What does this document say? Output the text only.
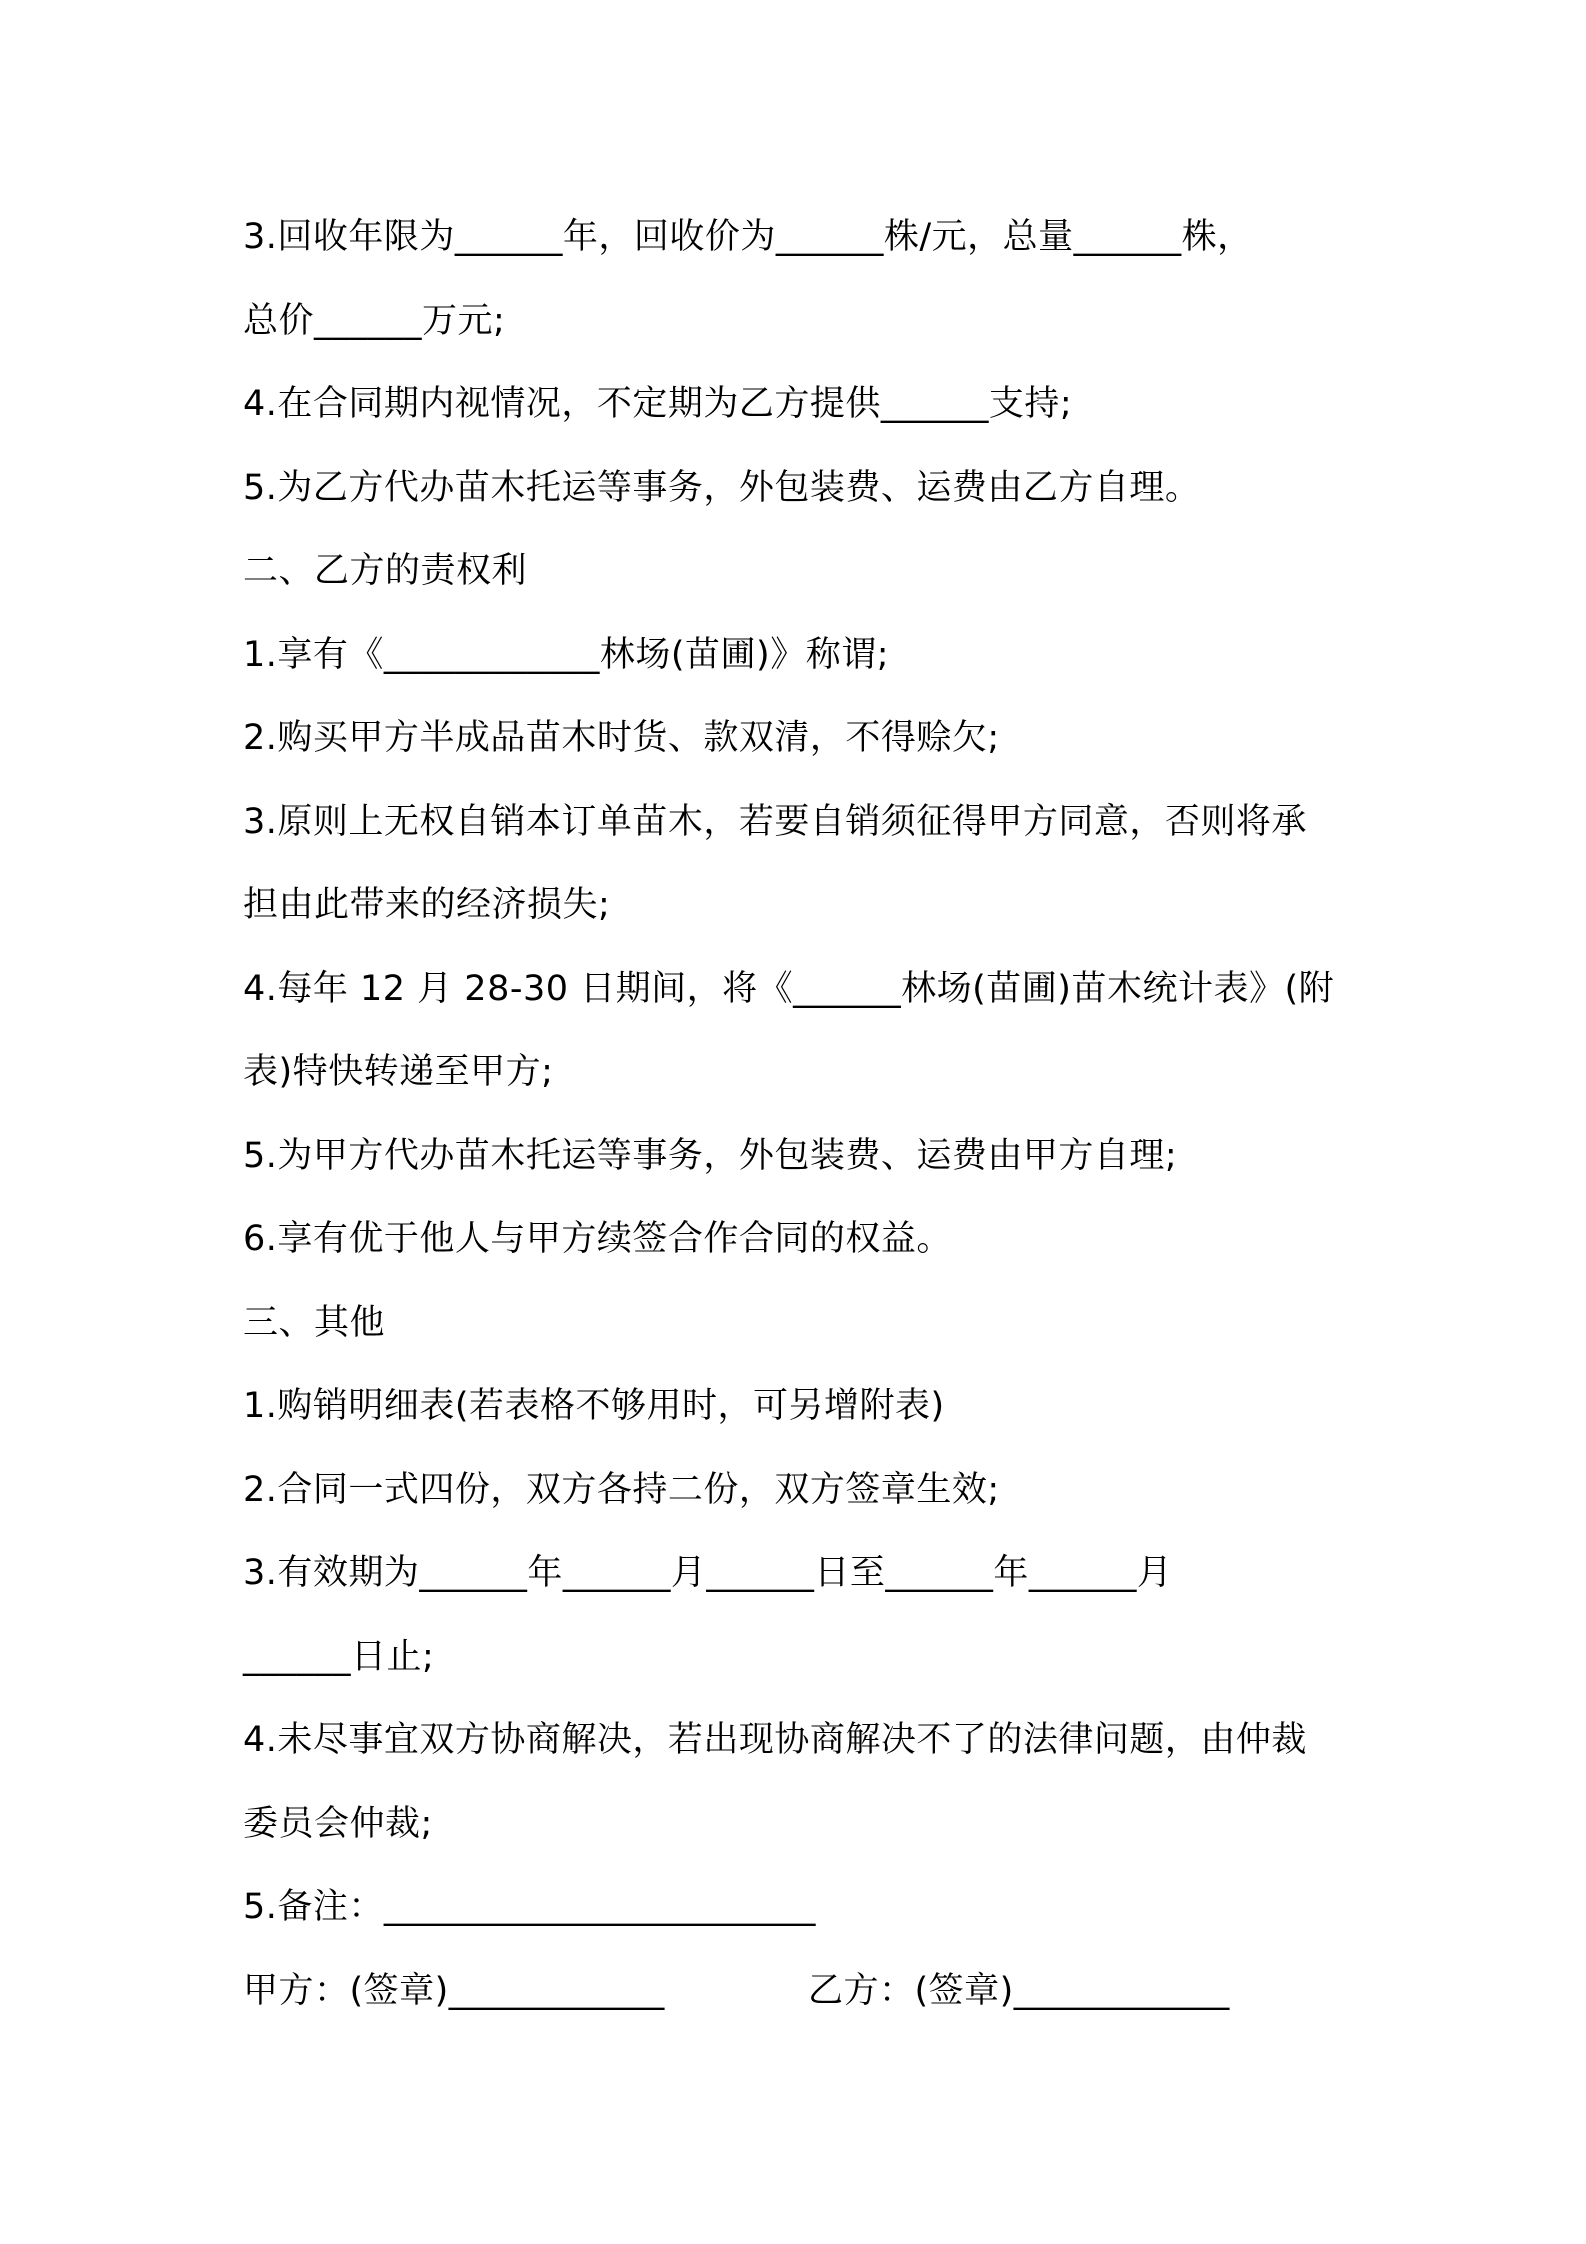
3.回收年限为______年，回收价为______株/元，总量______株，
总价______万元;
4.在合同期内视情况，不定期为乙方提供______支持;
5.为乙方代办苗木托运等事务，外包装费、运费由乙方自理。
二、乙方的责权利
1.享有《____________林场(苗圃)》称谓;
2.购买甲方半成品苗木时货、款双清，不得赊欠;
3.原则上无权自销本订单苗木，若要自销须征得甲方同意，否则将承
担由此带来的经济损失;
4.每年 12 月 28-30 日期间，将《______林场(苗圃)苗木统计表》(附
表)特快转递至甲方;
5.为甲方代办苗木托运等事务，外包装费、运费由甲方自理;
6.享有优于他人与甲方续签合作合同的权益。
三、其他
1.购销明细表(若表格不够用时，可另增附表)
2.合同一式四份，双方各持二份，双方签章生效;
3.有效期为______年______月______日至______年______月
______日止;
4.未尽事宜双方协商解决，若出现协商解决不了的法律问题，由仲裁
委员会仲裁;
5.备注：________________________
甲方：(签章)____________	乙方：(签章)____________
